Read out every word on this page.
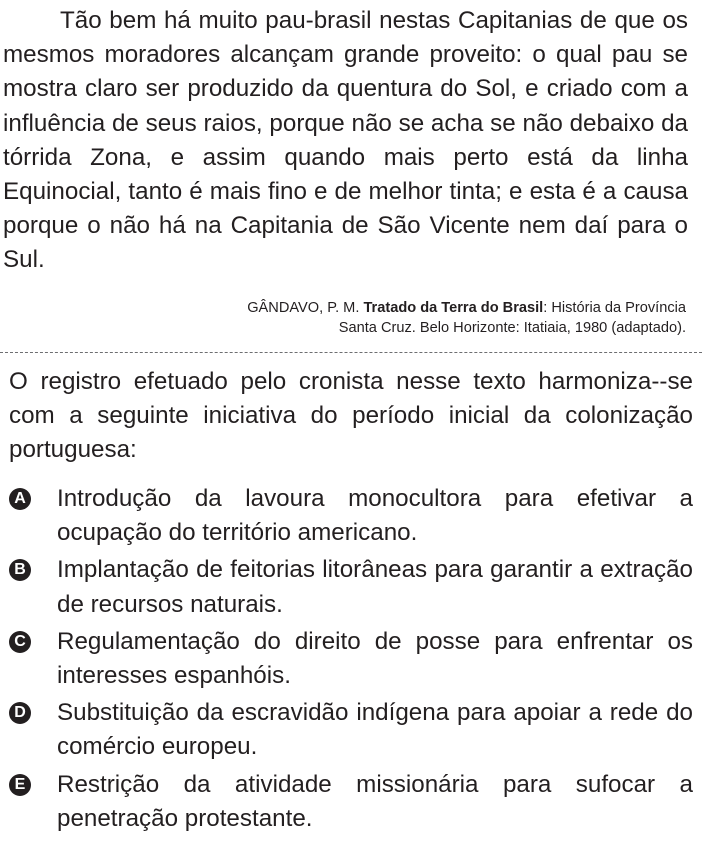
Tão bem há muito pau-brasil nestas Capitanias de que os mesmos moradores alcançam grande proveito: o qual pau se mostra claro ser produzido da quentura do Sol, e criado com a influência de seus raios, porque não se acha se não debaixo da tórrida Zona, e assim quando mais perto está da linha Equinocial, tanto é mais fino e de melhor tinta; e esta é a causa porque o não há na Capitania de São Vicente nem daí para o Sul.

GÂNDAVO, P. M. Tratado da Terra do Brasil: História da Província
Santa Cruz. Belo Horizonte: Itatiaia, 1980 (adaptado).

O registro efetuado pelo cronista nesse texto harmoniza--se com a seguinte iniciativa do período inicial da colonização portuguesa:

A Introdução da lavoura monocultora para efetivar a ocupação do território americano.
B Implantação de feitorias litorâneas para garantir a extração de recursos naturais.
C Regulamentação do direito de posse para enfrentar os interesses espanhóis.
D Substituição da escravidão indígena para apoiar a rede do comércio europeu.
E Restrição da atividade missionária para sufocar a penetração protestante.
